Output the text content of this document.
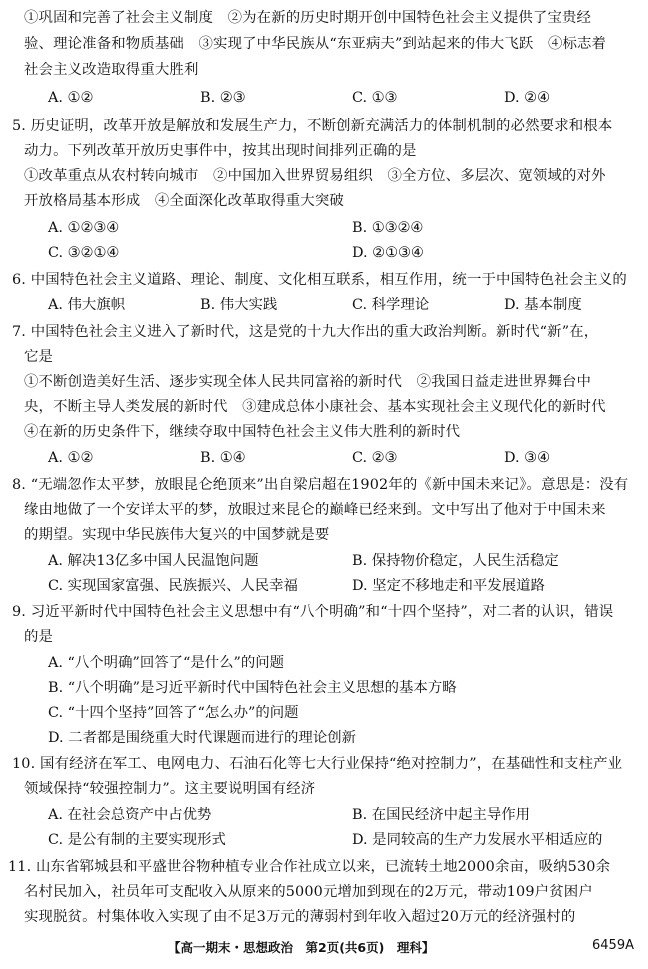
①巩固和完善了社会主义制度　②为在新的历史时期开创中国特色社会主义提供了宝贵经
验、理论准备和物质基础　③实现了中华民族从“东亚病夫”到站起来的伟大飞跃　④标志着
社会主义改造取得重大胜利
A. ①②	B. ②③	C. ①③	D. ②④
5. 历史证明，改革开放是解放和发展生产力，不断创新充满活力的体制机制的必然要求和根本
动力。下列改革开放历史事件中，按其出现时间排列正确的是
①改革重点从农村转向城市　②中国加入世界贸易组织　③全方位、多层次、宽领域的对外
开放格局基本形成　④全面深化改革取得重大突破
A. ①②③④	B. ①③②④
C. ③②①④	D. ②①③④
6. 中国特色社会主义道路、理论、制度、文化相互联系，相互作用，统一于中国特色社会主义的
A. 伟大旗帜	B. 伟大实践	C. 科学理论	D. 基本制度
7. 中国特色社会主义进入了新时代，这是党的十九大作出的重大政治判断。新时代“新”在，
它是
①不断创造美好生活、逐步实现全体人民共同富裕的新时代　②我国日益走进世界舞台中
央，不断主导人类发展的新时代　③建成总体小康社会、基本实现社会主义现代化的新时代
④在新的历史条件下，继续夺取中国特色社会主义伟大胜利的新时代
A. ①②	B. ①④	C. ②③	D. ③④
8. “无端忽作太平梦，放眼昆仑绝顶来”出自梁启超在1902年的《新中国未来记》。意思是：没有
缘由地做了一个安详太平的梦，放眼过来昆仑的巅峰已经来到。文中写出了他对于中国未来
的期望。实现中华民族伟大复兴的中国梦就是要
A. 解决13亿多中国人民温饱问题	B. 保持物价稳定，人民生活稳定
C. 实现国家富强、民族振兴、人民幸福	D. 坚定不移地走和平发展道路
9. 习近平新时代中国特色社会主义思想中有“八个明确”和“十四个坚持”，对二者的认识，错误
的是
A. “八个明确”回答了“是什么”的问题
B. “八个明确”是习近平新时代中国特色社会主义思想的基本方略
C. “十四个坚持”回答了“怎么办”的问题
D. 二者都是围绕重大时代课题而进行的理论创新
10. 国有经济在军工、电网电力、石油石化等七大行业保持“绝对控制力”，在基础性和支柱产业
领域保持“较强控制力”。这主要说明国有经济
A. 在社会总资产中占优势	B. 在国民经济中起主导作用
C. 是公有制的主要实现形式	D. 是同较高的生产力发展水平相适应的
11. 山东省郓城县和平盛世谷物种植专业合作社成立以来，已流转土地2000余亩，吸纳530余
名村民加入，社员年可支配收入从原来的5000元增加到现在的2万元，带动109户贫困户
实现脱贫。村集体收入实现了由不足3万元的薄弱村到年收入超过20万元的经济强村的
【高一期末・思想政治　第2页(共6页)　理科】	6459A
